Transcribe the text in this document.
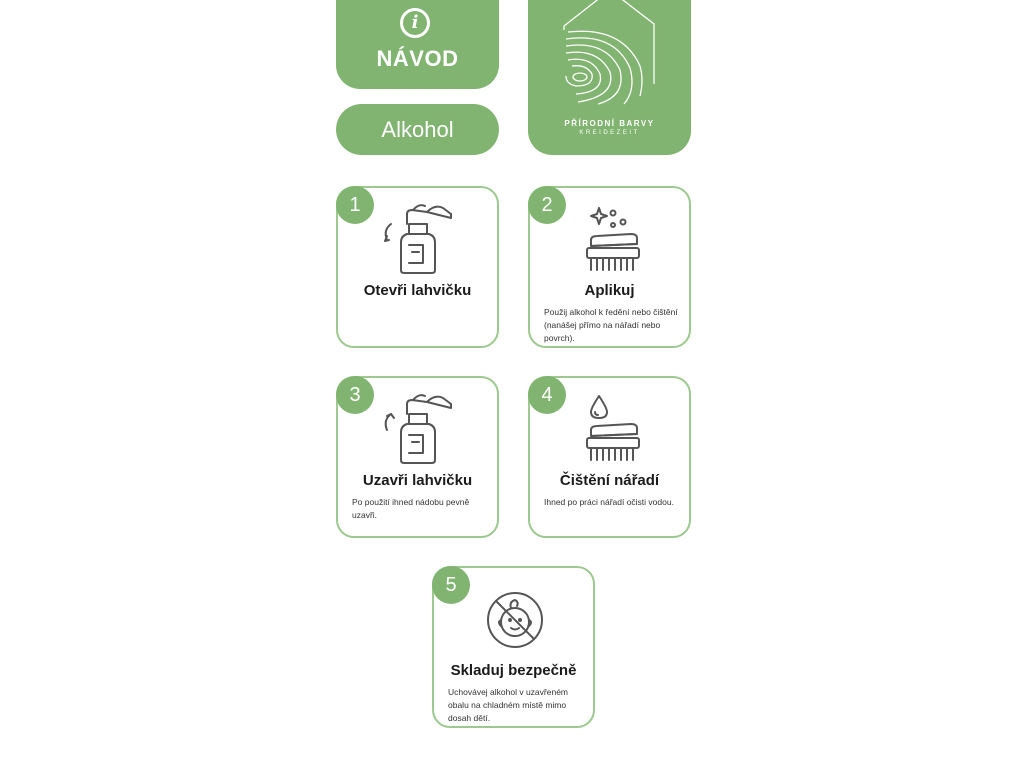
i
NÁVOD
Alkohol	PŘÍRODNÍ BARVY
KREIDEZEIT
1
Otevři lahvičku
2
Aplikuj
Použij alkohol k ředění nebo čištění (nanášej přímo na nářadí nebo povrch).
3
Uzavři lahvičku
Po použití ihned nádobu pevně uzavři.
4
Čištění nářadí
Ihned po práci nářadí očisti vodou.
5
Skladuj bezpečně
Uchovávej alkohol v uzavřeném obalu na chladném místě mimo dosah dětí.
